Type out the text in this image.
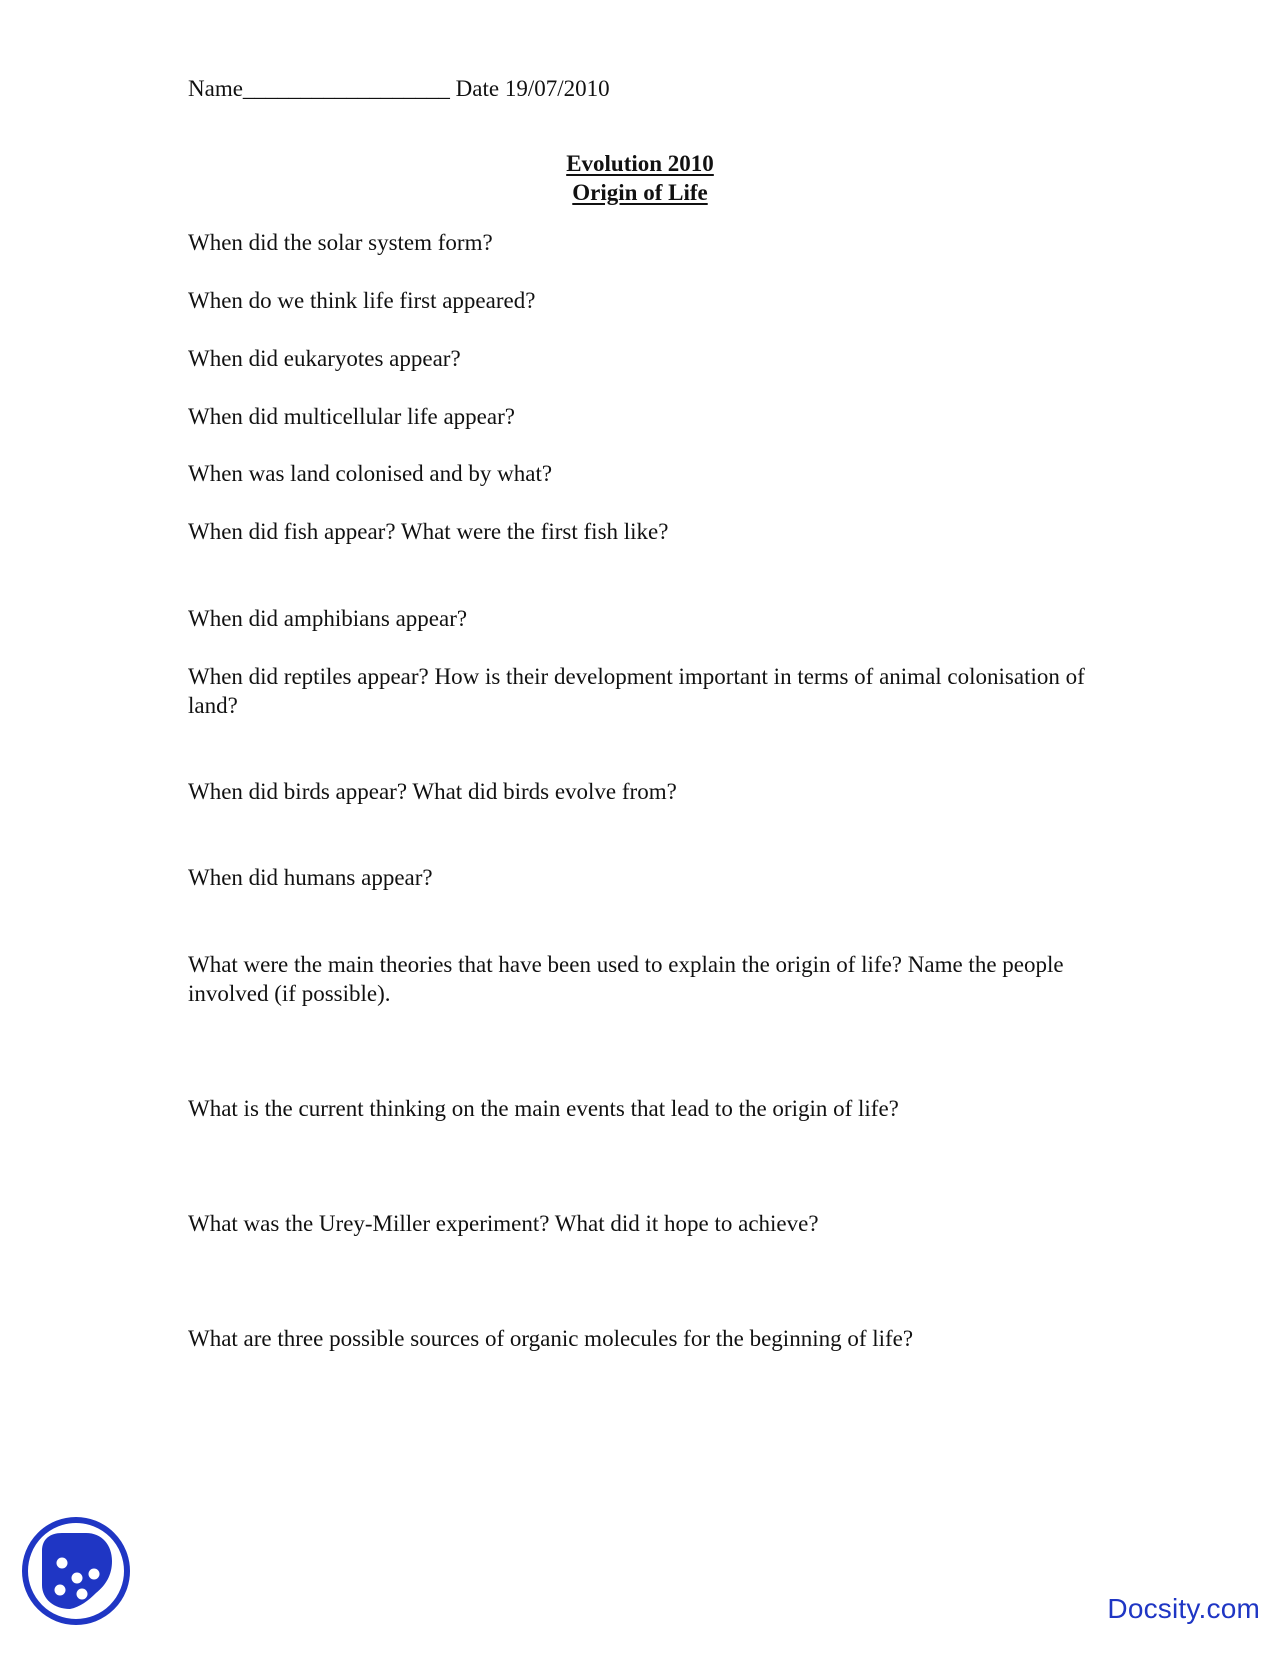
Name__________________ Date 19/07/2010
Evolution 2010
Origin of Life

When did the solar system form?

When do we think life first appeared?

When did eukaryotes appear?

When did multicellular life appear?

When was land colonised and by what?

When did fish appear? What were the first fish like?

When did amphibians appear?

When did reptiles appear? How is their development important in terms of animal colonisation of land?

When did birds appear? What did birds evolve from?

When did humans appear?

What were the main theories that have been used to explain the origin of life? Name the people involved (if possible).

What is the current thinking on the main events that lead to the origin of life?

What was the Urey-Miller experiment? What did it hope to achieve?

What are three possible sources of organic molecules for the beginning of life?

Docsity.com
